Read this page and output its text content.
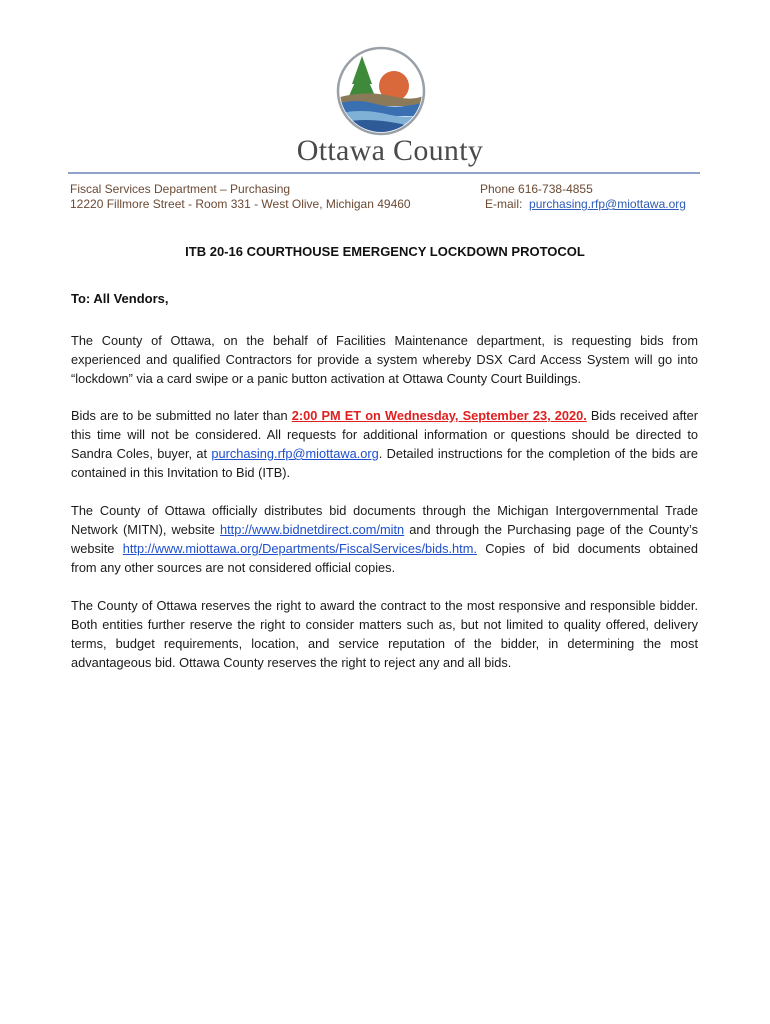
Ottawa County
Fiscal Services Department – Purchasing
12220 Fillmore Street - Room 331 - West Olive, Michigan 49460
Phone 616-738-4855
E-mail: purchasing.rfp@miottawa.org
ITB 20-16 COURTHOUSE EMERGENCY LOCKDOWN PROTOCOL
To: All Vendors,
The County of Ottawa, on the behalf of Facilities Maintenance department, is requesting bids from experienced and qualified Contractors for provide a system whereby DSX Card Access System will go into “lockdown” via a card swipe or a panic button activation at Ottawa County Court Buildings.
Bids are to be submitted no later than 2:00 PM ET on Wednesday, September 23, 2020. Bids received after this time will not be considered. All requests for additional information or questions should be directed to Sandra Coles, buyer, at purchasing.rfp@miottawa.org. Detailed instructions for the completion of the bids are contained in this Invitation to Bid (ITB).
The County of Ottawa officially distributes bid documents through the Michigan Intergovernmental Trade Network (MITN), website http://www.bidnetdirect.com/mitn and through the Purchasing page of the County’s website http://www.miottawa.org/Departments/FiscalServices/bids.htm. Copies of bid documents obtained from any other sources are not considered official copies.
The County of Ottawa reserves the right to award the contract to the most responsive and responsible bidder. Both entities further reserve the right to consider matters such as, but not limited to quality offered, delivery terms, budget requirements, location, and service reputation of the bidder, in determining the most advantageous bid. Ottawa County reserves the right to reject any and all bids.
